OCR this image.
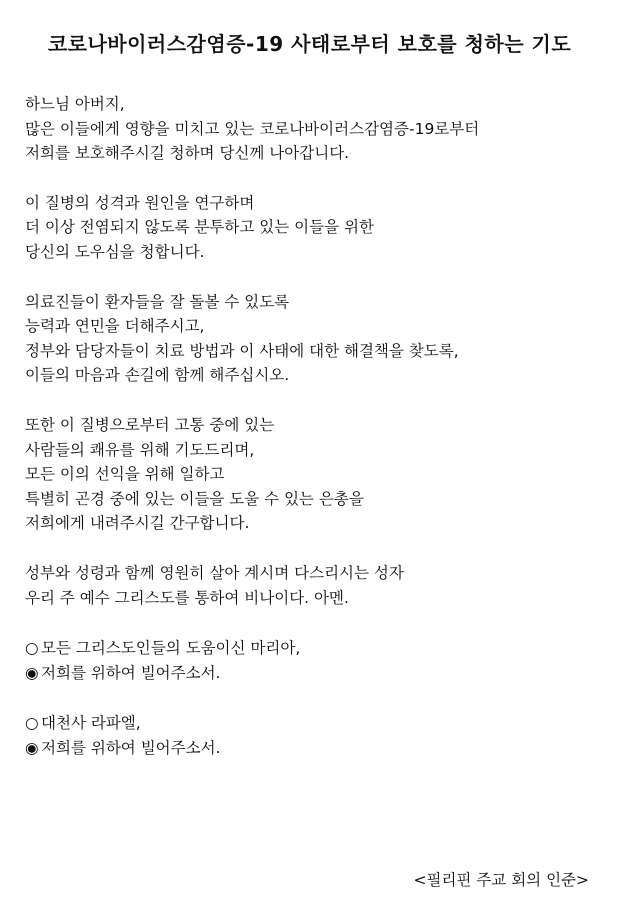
코로나바이러스감염증-19 사태로부터 보호를 청하는 기도
하느님 아버지,
많은 이들에게 영향을 미치고 있는 코로나바이러스감염증-19로부터
저희를 보호해주시길 청하며 당신께 나아갑니다.
이 질병의 성격과 원인을 연구하며
더 이상 전염되지 않도록 분투하고 있는 이들을 위한
당신의 도우심을 청합니다.
의료진들이 환자들을 잘 돌볼 수 있도록
능력과 연민을 더해주시고,
정부와 담당자들이 치료 방법과 이 사태에 대한 해결책을 찾도록,
이들의 마음과 손길에 함께 해주십시오.
또한 이 질병으로부터 고통 중에 있는
사람들의 쾌유를 위해 기도드리며,
모든 이의 선익을 위해 일하고
특별히 곤경 중에 있는 이들을 도울 수 있는 은총을
저희에게 내려주시길 간구합니다.
성부와 성령과 함께 영원히 살아 계시며 다스리시는 성자
우리 주 예수 그리스도를 통하여 비나이다. 아멘.
○ 모든 그리스도인들의 도움이신 마리아,
◉ 저희를 위하여 빌어주소서.
○ 대천사 라파엘,
◉ 저희를 위하여 빌어주소서.
<필리핀 주교 회의 인준>
